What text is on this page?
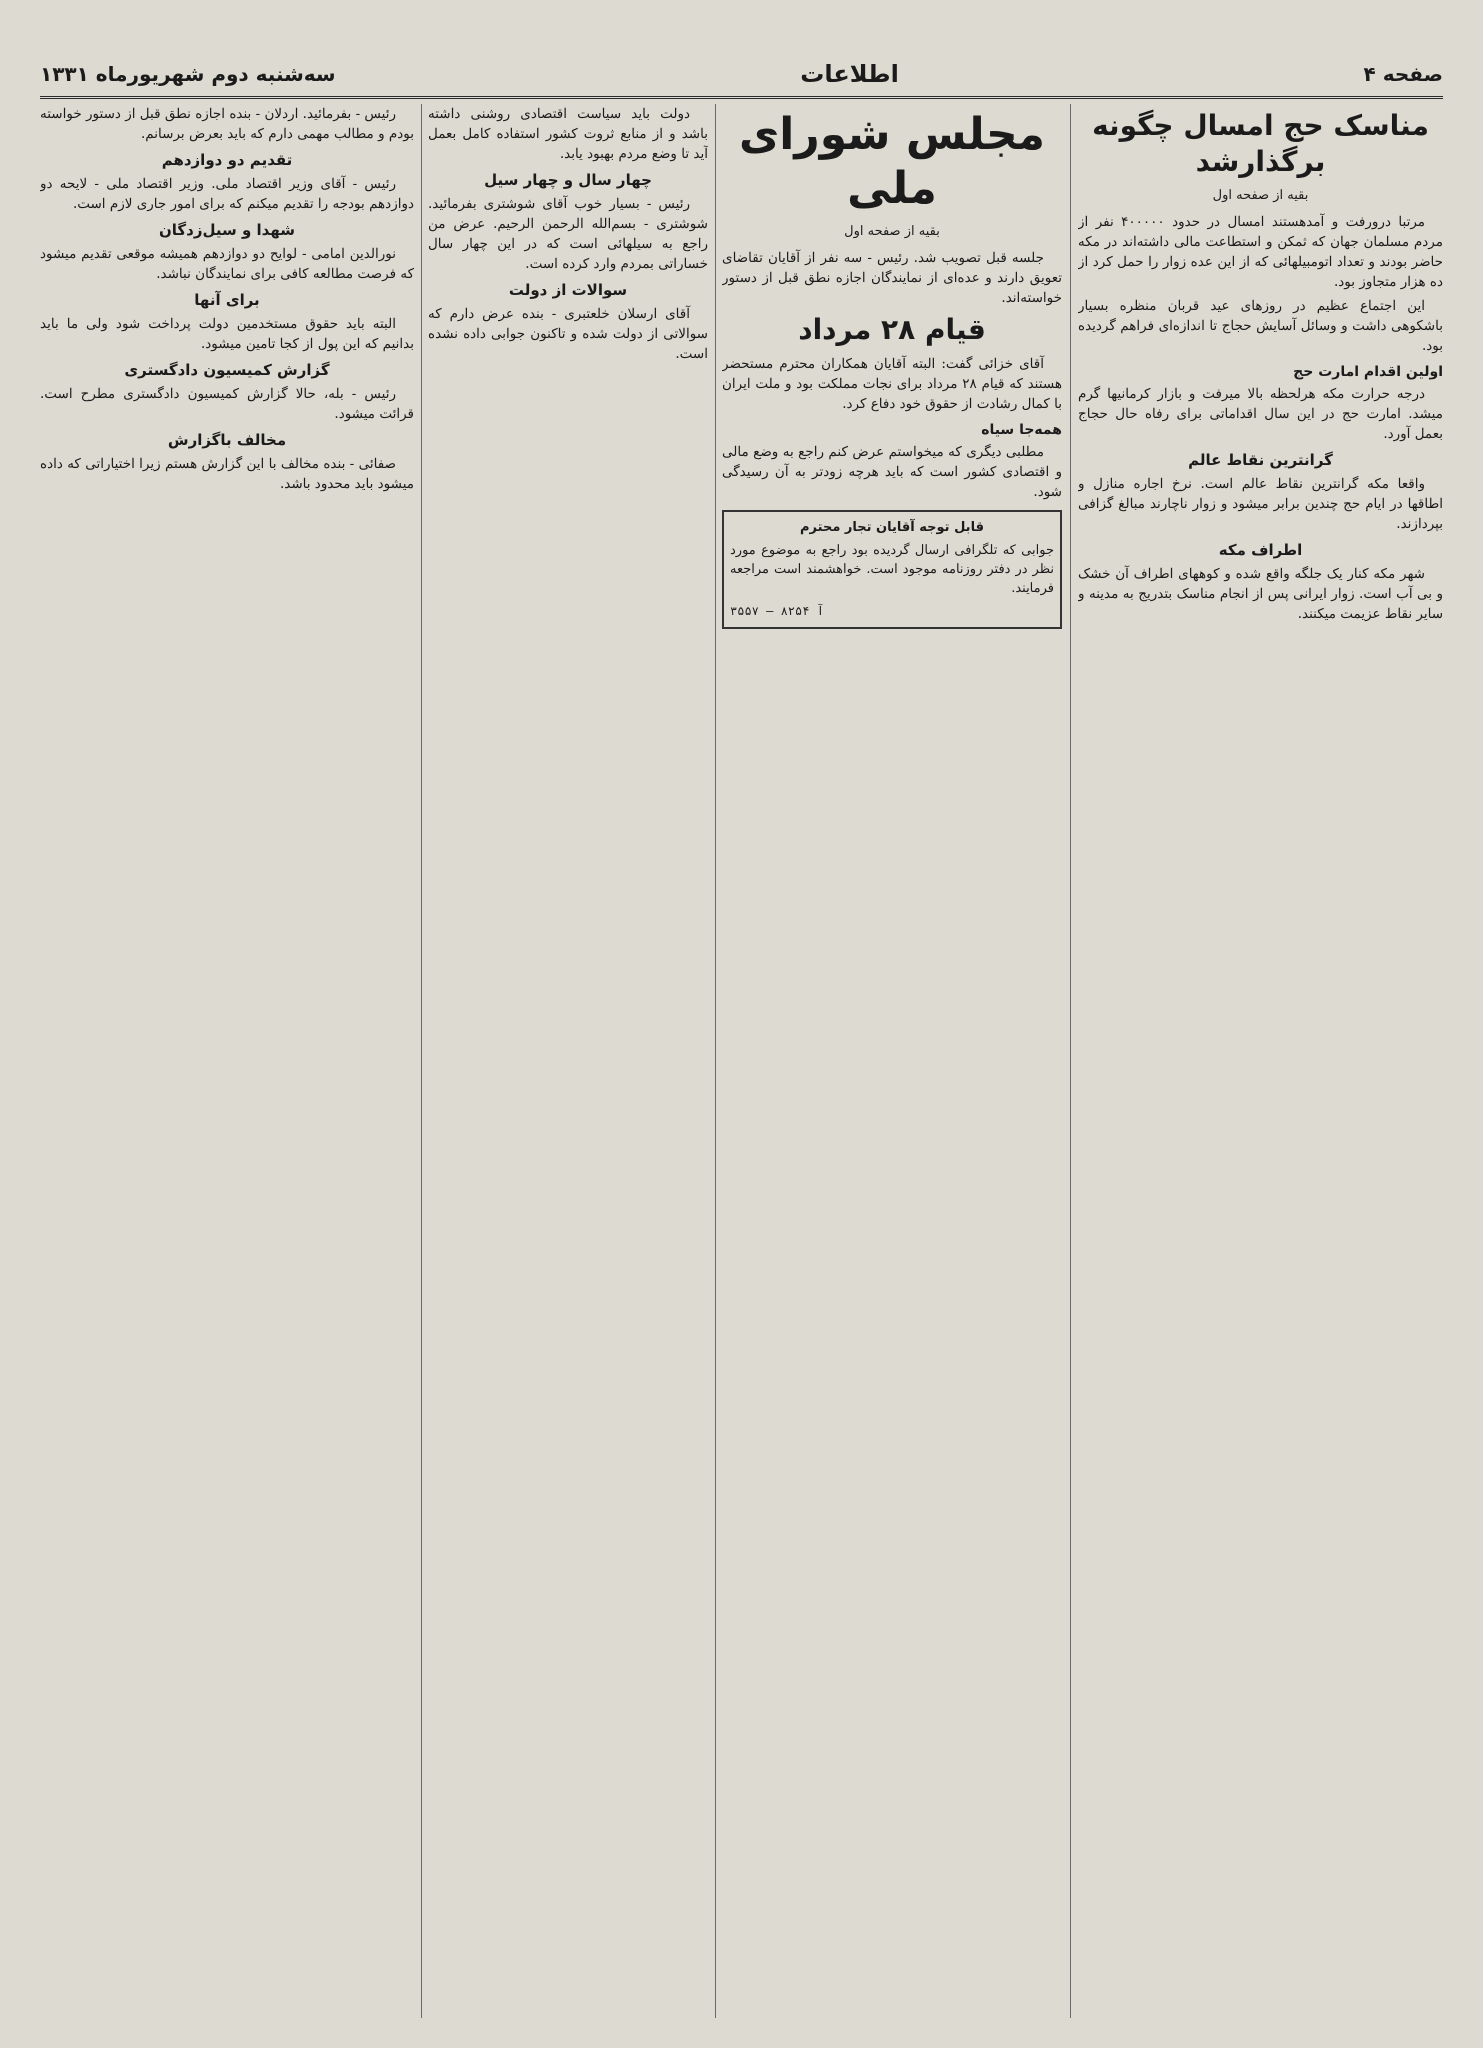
صفحه ۴
اطلاعات
سه‌شنبه دوم شهریورماه ۱۳۳۱
مناسک حج امسال چگونه برگذارشد
بقیه از صفحه اول

مرتبا درورفت و آمدهستند امسال در حدود ۴۰۰۰۰۰ نفر از مردم مسلمان جهان که ثمکن و استطاعت مالی داشته‌اند در مکه حاضر بودند و تعداد اتومبیلهائی که از این عده زوار را حمل کرد از ده هزار متجاوز بود.

این اجتماع عظیم در روزهای عید قربان منظره بسیار باشکوهی داشت و وسائل آسایش حجاج تا اندازه‌ای فراهم گردیده بود.

اولین اقدام امارت حج

درجه حرارت مکه هرلحظه بالا میرفت و بازار کرمانیها گرم میشد. امارت حج در این سال اقداماتی برای رفاه حال حجاج بعمل آورد.

گرانترین نقاط عالم

واقعا مکه گرانترین نقاط عالم است. نرخ اجاره منازل و اطاقها در ایام حج چندین برابر میشود و زوار ناچارند مبالغ گزافی بپردازند.

اطراف مکه

شهر مکه کنار یک جلگه واقع شده و کوههای اطراف آن خشک و بی آب است. زوار ایرانی پس از انجام مناسک بتدریج به مدینه و سایر نقاط عزیمت میکنند.

مجلس شورای ملی
بقیه از صفحه اول

جلسه قبل تصویب شد. رئیس - سه نفر از آقایان تقاضای تعویق دارند و عده‌ای از نمایندگان اجازه نطق قبل از دستور خواسته‌اند.

قیام ۲۸ مرداد

آقای خزائی گفت: البته آقایان همکاران محترم مستحضر هستند که قیام ۲۸ مرداد برای نجات مملکت بود و ملت ایران با کمال رشادت از حقوق خود دفاع کرد.

همه‌جا سیاه

مطلبی دیگری که میخواستم عرض کنم راجع به وضع مالی و اقتصادی کشور است که باید هرچه زودتر به آن رسیدگی شود.

قابل توجه آقایان تجار محترم
جوابی که تلگرافی ارسال گردیده بود راجع به موضوع مورد نظر در دفتر روزنامه موجود است. خواهشمند است مراجعه فرمایند.
۳۵۵۷ — ۸۲۵۴ آ

دولت باید سیاست اقتصادی روشنی داشته باشد و از منابع ثروت کشور استفاده کامل بعمل آید تا وضع مردم بهبود یابد.

چهار سال و چهار سیل

رئیس - بسیار خوب آقای شوشتری بفرمائید. شوشتری - بسم‌الله الرحمن الرحیم. عرض من راجع به سیلهائی است که در این چهار سال خساراتی بمردم وارد کرده است.

سوالات از دولت

آقای ارسلان خلعتبری - بنده عرض دارم که سوالاتی از دولت شده و تاکنون جوابی داده نشده است.

رئیس - بفرمائید. اردلان - بنده اجازه نطق قبل از دستور خواسته بودم و مطالب مهمی دارم که باید بعرض برسانم.

تقدیم دو دوازدهم

رئیس - آقای وزیر اقتصاد ملی. وزیر اقتصاد ملی - لایحه دو دوازدهم بودجه را تقدیم میکنم که برای امور جاری لازم است.

شهدا و سیل‌زدگان

نورالدین امامی - لوایح دو دوازدهم همیشه موقعی تقدیم میشود که فرصت مطالعه کافی برای نمایندگان نباشد.

برای آنها

البته باید حقوق مستخدمین دولت پرداخت شود ولی ما باید بدانیم که این پول از کجا تامین میشود.

گزارش کمیسیون دادگستری

رئیس - بله، حالا گزارش کمیسیون دادگستری مطرح است. قرائت میشود.

مخالف باگزارش

صفائی - بنده مخالف با این گزارش هستم زیرا اختیاراتی که داده میشود باید محدود باشد.
